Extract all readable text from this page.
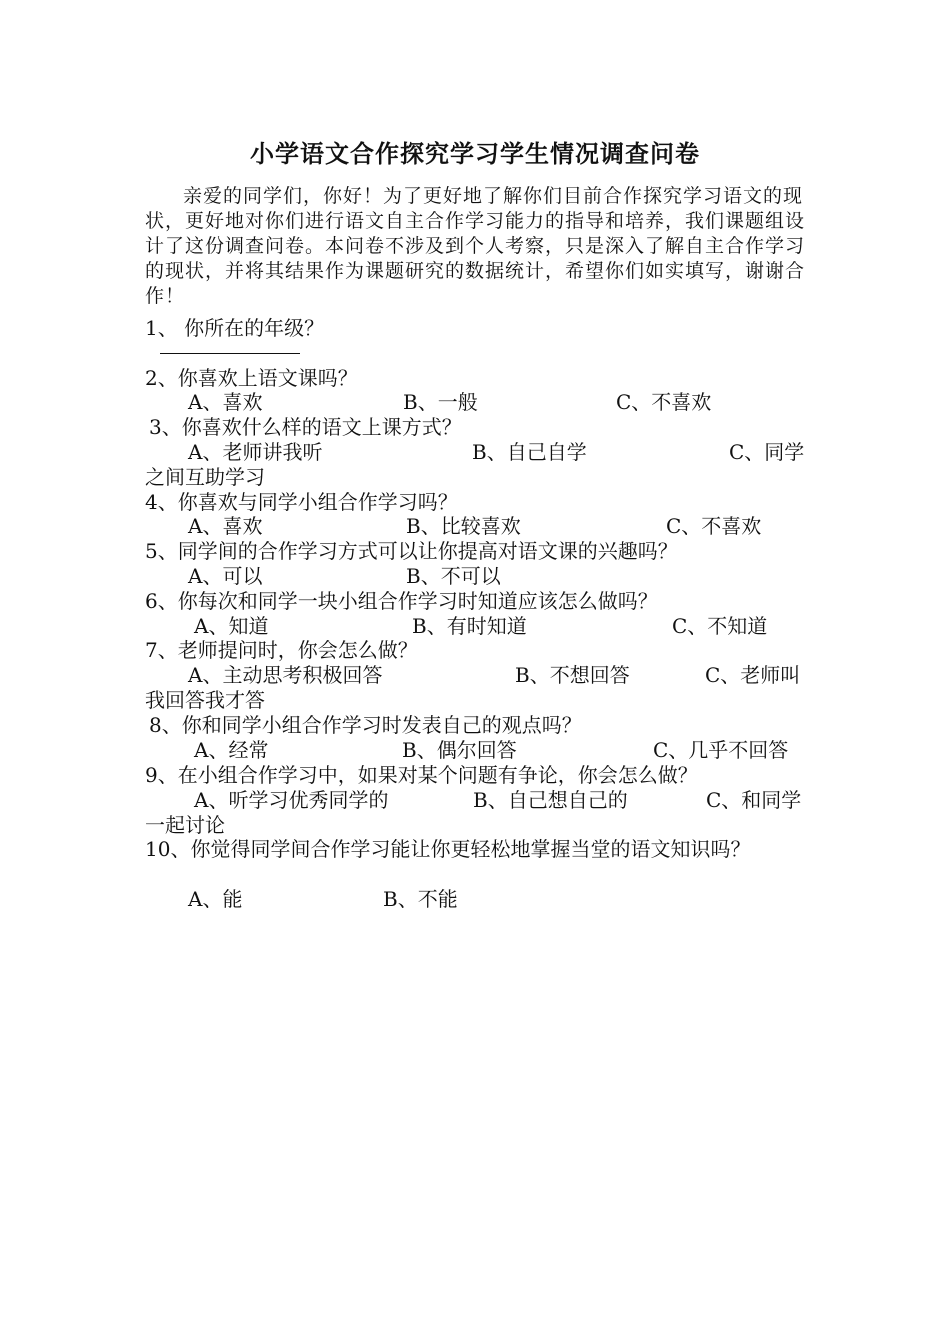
小学语文合作探究学习学生情况调查问卷
亲爱的同学们，你好！为了更好地了解你们目前合作探究学习语文的现状，更好地对你们进行语文自主合作学习能力的指导和培养，我们课题组设计了这份调查问卷。本问卷不涉及到个人考察，只是深入了解自主合作学习的现状，并将其结果作为课题研究的数据统计，希望你们如实填写，谢谢合作！
1、 你所在的年级？
2、你喜欢上语文课吗？
A、喜欢	B、一般	C、不喜欢
3、你喜欢什么样的语文上课方式？
A、老师讲我听	B、自己自学	C、同学
之间互助学习
4、你喜欢与同学小组合作学习吗？
A、喜欢	B、比较喜欢	C、不喜欢
5、同学间的合作学习方式可以让你提高对语文课的兴趣吗？
A、可以	B、不可以
6、你每次和同学一块小组合作学习时知道应该怎么做吗？
A、知道	B、有时知道	C、不知道
7、老师提问时，你会怎么做？
A、主动思考积极回答	B、不想回答	C、老师叫
我回答我才答
8、你和同学小组合作学习时发表自己的观点吗？
A、经常	B、偶尔回答	C、几乎不回答
9、在小组合作学习中，如果对某个问题有争论，你会怎么做？
A、听学习优秀同学的	B、自己想自己的	C、和同学
一起讨论
10、你觉得同学间合作学习能让你更轻松地掌握当堂的语文知识吗？
A、能	B、不能
